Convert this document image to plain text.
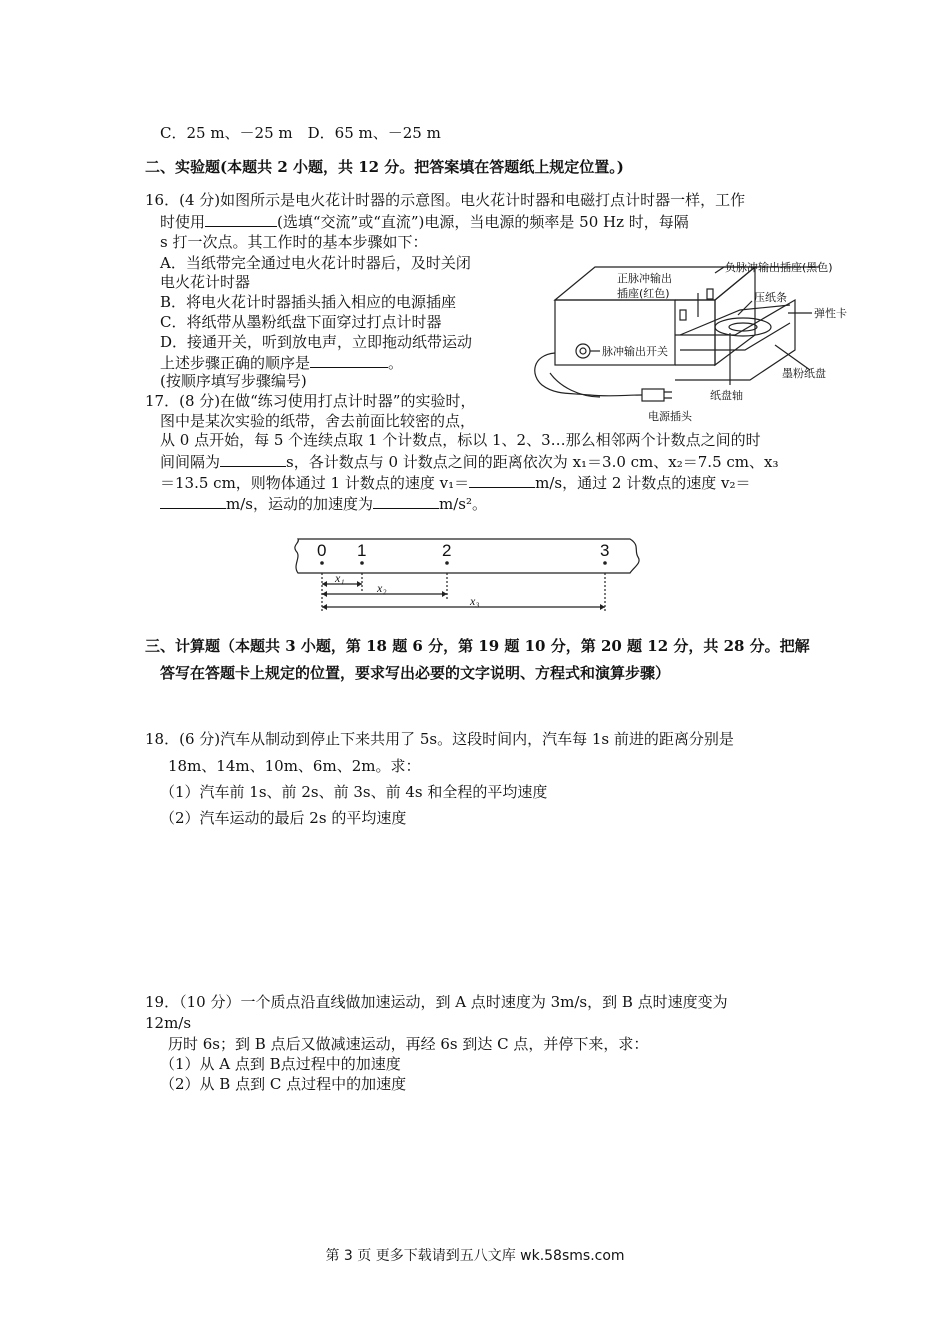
C．25 m、－25 m　D．65 m、－25 m
二、实验题(本题共 2 小题，共 12 分。把答案填在答题纸上规定位置。)
16．(4 分)如图所示是电火花计时器的示意图。电火花计时器和电磁打点计时器一样，工作
时使用	(选填“交流”或“直流”)电源，当电源的频率是 50 Hz 时，每隔
s 打一次点。其工作时的基本步骤如下：
A．当纸带完全通过电火花计时器后，及时关闭
电火花计时器
B．将电火花计时器插头插入相应的电源插座
C．将纸带从墨粉纸盘下面穿过打点计时器
D．接通开关，听到放电声，立即拖动纸带运动
上述步骤正确的顺序是	。
(按顺序填写步骤编号)
负脉冲输出插座(黑色)
正脉冲输出
插座(红色)	压纸条
弹性卡
脉冲输出开关
墨粉纸盘
纸盘轴
电源插头
17．(8 分)在做“练习使用打点计时器”的实验时，
图中是某次实验的纸带，舍去前面比较密的点，
从 0 点开始，每 5 个连续点取 1 个计数点，标以 1、2、3…那么相邻两个计数点之间的时
间间隔为	s，各计数点与 0 计数点之间的距离依次为 x₁＝3.0 cm、x₂＝7.5 cm、x₃
＝13.5 cm，则物体通过 1 计数点的速度 v₁＝	m/s，通过 2 计数点的速度 v₂＝
m/s，运动的加速度为	m/s²。
0 1	2	3
x₁
x₂
x₃
三、计算题（本题共 3 小题，第 18 题 6 分，第 19 题 10 分，第 20 题 12 分，共 28 分。把解
答写在答题卡上规定的位置，要求写出必要的文字说明、方程式和演算步骤）
18．(6 分)汽车从制动到停止下来共用了 5s。这段时间内，汽车每 1s 前进的距离分别是
18m、14m、10m、6m、2m。求：
（1）汽车前 1s、前 2s、前 3s、前 4s 和全程的平均速度
（2）汽车运动的最后 2s 的平均速度
19．（10 分）一个质点沿直线做加速运动，到 A 点时速度为 3m/s，到 B 点时速度变为
12m/s
历时 6s；到 B 点后又做减速运动，再经 6s 到达 C 点，并停下来，求：
（1）从 A 点到 B点过程中的加速度
（2）从 B 点到 C 点过程中的加速度
第 3 页 更多下载请到五八文库 wk.58sms.com
